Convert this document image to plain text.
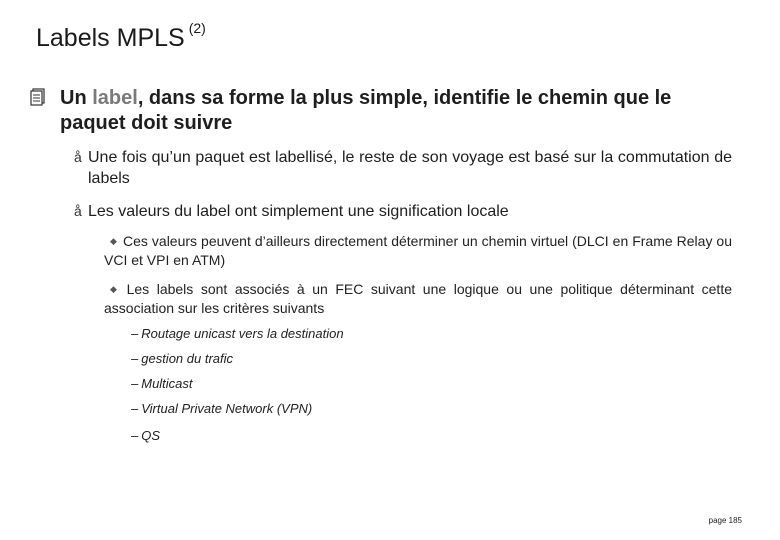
Labels MPLS $^{(2)}$
Un label, dans sa forme la plus simple, identifie le chemin que le paquet doit suivre
å Une fois qu’un paquet est labellisé, le reste de son voyage est basé sur la commutation de labels
å Les valeurs du label ont simplement une signification locale
◆ Ces valeurs peuvent d’ailleurs directement déterminer un chemin virtuel (DLCI en Frame Relay ou VCI et VPI en ATM)
◆ Les labels sont associés à un FEC suivant une logique ou une politique déterminant cette association sur les critères suivants
– Routage unicast vers la destination
– gestion du trafic
– Multicast
– Virtual Private Network (VPN)
– QS
page 185
